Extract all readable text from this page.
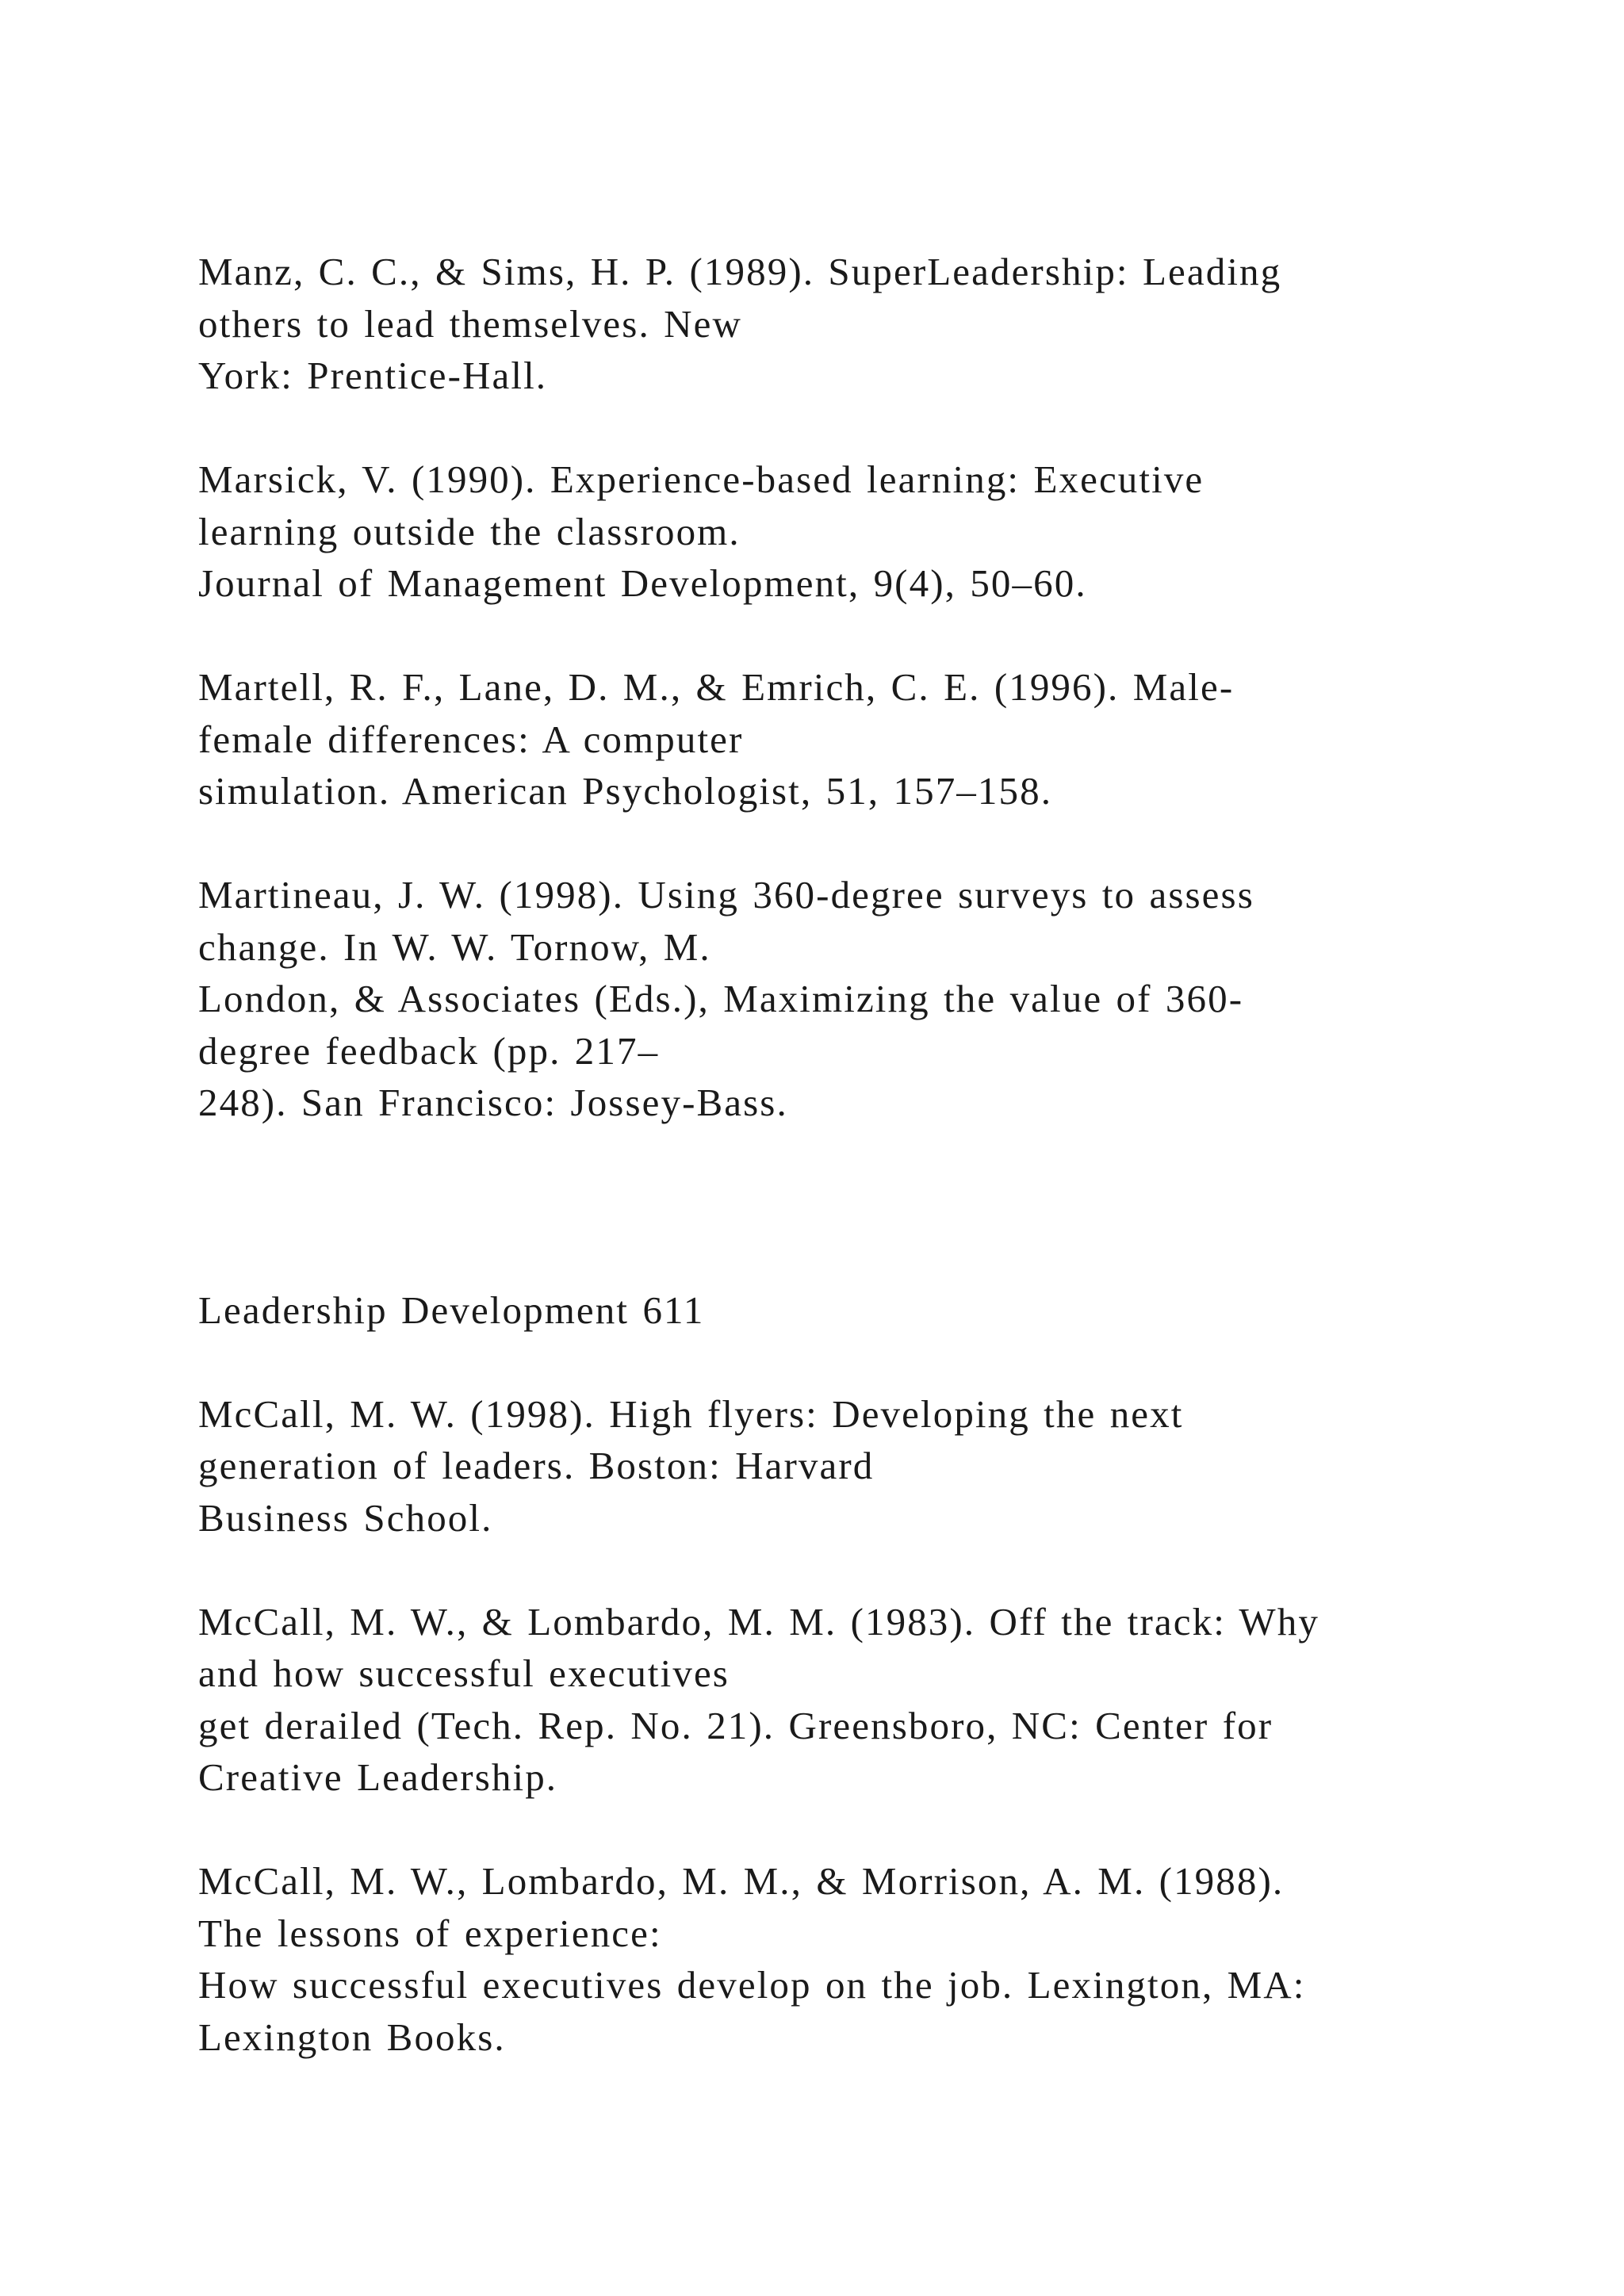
Manz, C. C., & Sims, H. P. (1989). SuperLeadership: Leading
others to lead themselves. New
York: Prentice-Hall.
Marsick, V. (1990). Experience-based learning: Executive
learning outside the classroom.
Journal of Management Development, 9(4), 50–60.
Martell, R. F., Lane, D. M., & Emrich, C. E. (1996). Male-
female differences: A computer
simulation. American Psychologist, 51, 157–158.
Martineau, J. W. (1998). Using 360-degree surveys to assess
change. In W. W. Tornow, M.
London, & Associates (Eds.), Maximizing the value of 360-
degree feedback (pp. 217–
248). San Francisco: Jossey-Bass.
Leadership Development 611
McCall, M. W. (1998). High flyers: Developing the next
generation of leaders. Boston: Harvard
Business School.
McCall, M. W., & Lombardo, M. M. (1983). Off the track: Why
and how successful executives
get derailed (Tech. Rep. No. 21). Greensboro, NC: Center for
Creative Leadership.
McCall, M. W., Lombardo, M. M., & Morrison, A. M. (1988).
The lessons of experience:
How successful executives develop on the job. Lexington, MA:
Lexington Books.
